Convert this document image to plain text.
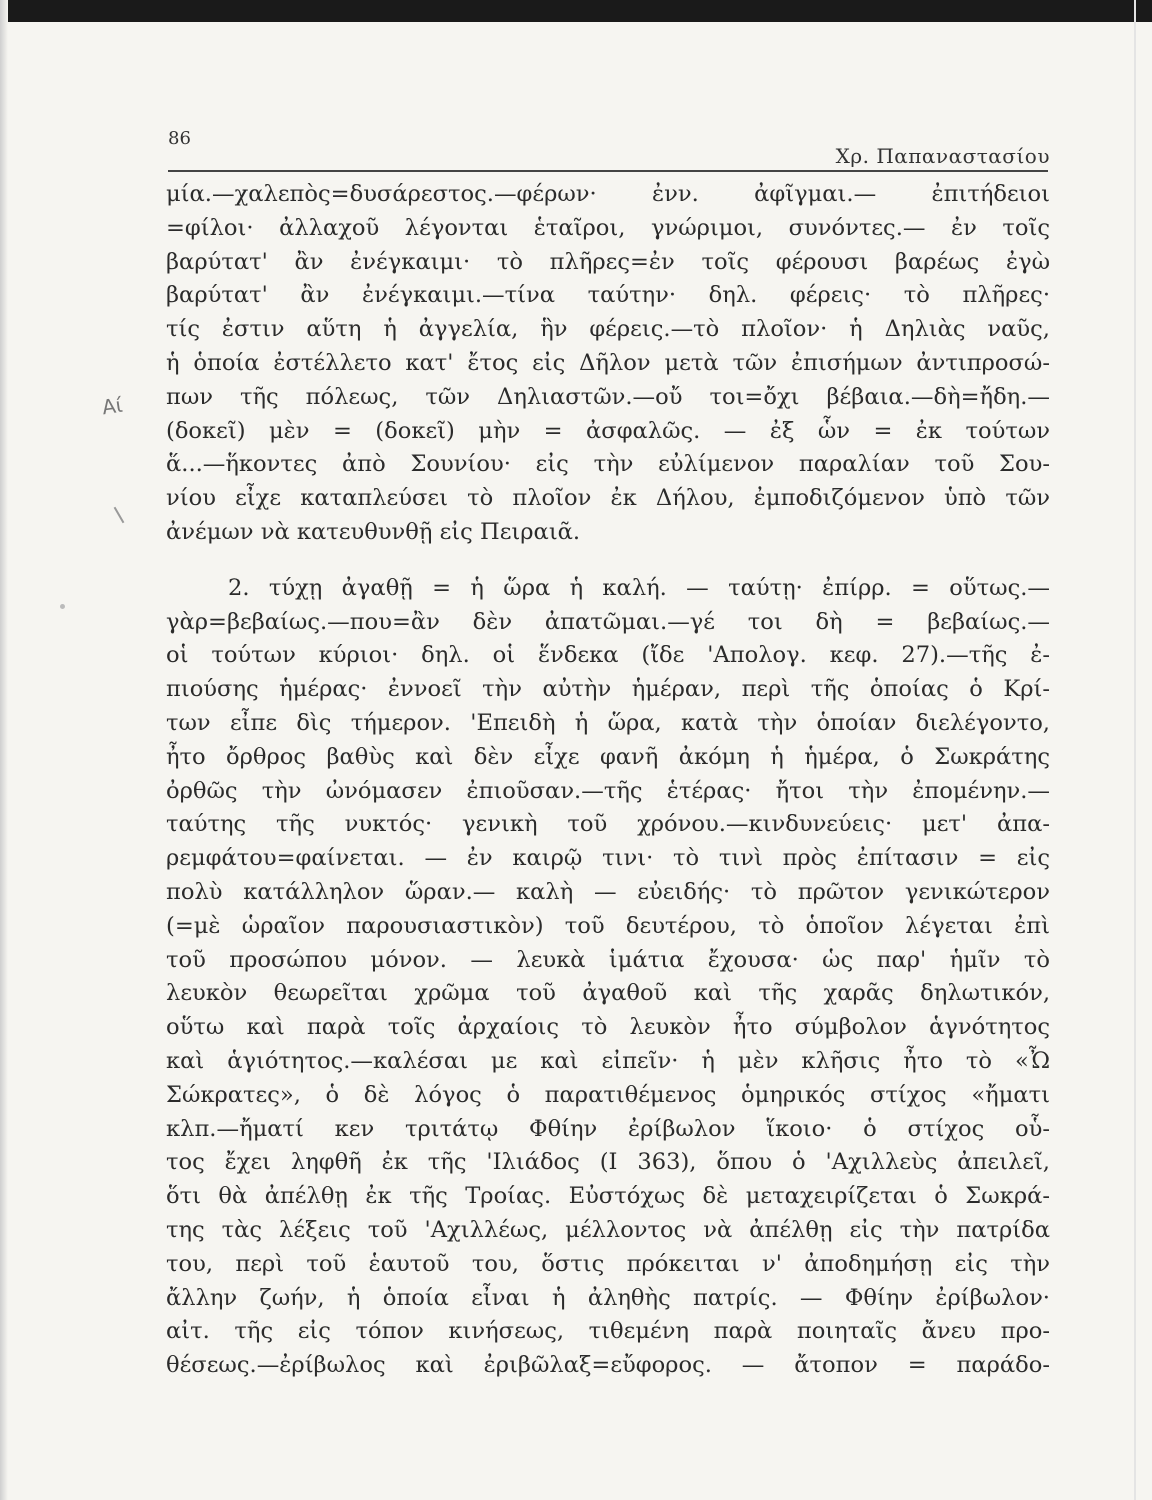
86
Χρ. Παπαναστασίου
Αί
μία.—χαλεπὸς=δυσάρεστος.—φέρων· ἐνν. ἀφῖγμαι.— ἐπιτήδειοι
=φίλοι· ἀλλαχοῦ λέγονται ἑταῖροι, γνώριμοι, συνόντες.— ἐν τοῖς
βαρύτατ' ἂν ἐνέγκαιμι· τὸ πλῆρες=ἐν τοῖς φέρουσι βαρέως ἐγὼ
βαρύτατ' ἂν ἐνέγκαιμι.—τίνα ταύτην· δηλ. φέρεις· τὸ πλῆρες·
τίς ἐστιν αὕτη ἡ ἀγγελία, ἣν φέρεις.—τὸ πλοῖον· ἡ Δηλιὰς ναῦς,
ἡ ὁποία ἐστέλλετο κατ' ἔτος εἰς Δῆλον μετὰ τῶν ἐπισήμων ἀντιπροσώ-
πων τῆς πόλεως, τῶν Δηλιαστῶν.—οὔ τοι=ὄχι βέβαια.—δὴ=ἤδη.—
(δοκεῖ) μὲν = (δοκεῖ) μὴν = ἀσφαλῶς. — ἐξ ὧν = ἐκ τούτων
ἅ...—ἥκοντες ἀπὸ Σουνίου· εἰς τὴν εὐλίμενον παραλίαν τοῦ Σου-
νίου εἶχε καταπλεύσει τὸ πλοῖον ἐκ Δήλου, ἐμποδιζόμενον ὑπὸ τῶν
ἀνέμων νὰ κατευθυνθῇ εἰς Πειραιᾶ.
2. τύχῃ ἀγαθῇ = ἡ ὥρα ἡ καλή. — ταύτῃ· ἐπίρρ. = οὕτως.—
γὰρ=βεβαίως.—που=ἂν δὲν ἀπατῶμαι.—γέ τοι δὴ = βεβαίως.—
οἱ τούτων κύριοι· δηλ. οἱ ἕνδεκα (ἴδε 'Απολογ. κεφ. 27).—τῆς ἐ-
πιούσης ἡμέρας· ἐννοεῖ τὴν αὐτὴν ἡμέραν, περὶ τῆς ὁποίας ὁ Κρί-
των εἶπε δὶς τήμερον. 'Επειδὴ ἡ ὥρα, κατὰ τὴν ὁποίαν διελέγοντο,
ἦτο ὄρθρος βαθὺς καὶ δὲν εἶχε φανῆ ἀκόμη ἡ ἡμέρα, ὁ Σωκράτης
ὀρθῶς τὴν ὠνόμασεν ἐπιοῦσαν.—τῆς ἑτέρας· ἤτοι τὴν ἐπομένην.—
ταύτης τῆς νυκτός· γενικὴ τοῦ χρόνου.—κινδυνεύεις· μετ' ἀπα-
ρεμφάτου=φαίνεται. — ἐν καιρῷ τινι· τὸ τινὶ πρὸς ἐπίτασιν = εἰς
πολὺ κατάλληλον ὥραν.— καλὴ — εὐειδής· τὸ πρῶτον γενικώτερον
(=μὲ ὡραῖον παρουσιαστικὸν) τοῦ δευτέρου, τὸ ὁποῖον λέγεται ἐπὶ
τοῦ προσώπου μόνον. — λευκὰ ἱμάτια ἔχουσα· ὡς παρ' ἡμῖν τὸ
λευκὸν θεωρεῖται χρῶμα τοῦ ἀγαθοῦ καὶ τῆς χαρᾶς δηλωτικόν,
οὕτω καὶ παρὰ τοῖς ἀρχαίοις τὸ λευκὸν ἦτο σύμβολον ἁγνότητος
καὶ ἁγιότητος.—καλέσαι με καὶ εἰπεῖν· ἡ μὲν κλῆσις ἦτο τὸ «Ὦ
Σώκρατες», ὁ δὲ λόγος ὁ παρατιθέμενος ὁμηρικός στίχος «ἤματι
κλπ.—ἤματί κεν τριτάτῳ Φθίην ἐρίβωλον ἵκοιο· ὁ στίχος οὗ-
τος ἔχει ληφθῆ ἐκ τῆς 'Ιλιάδος (Ι 363), ὅπου ὁ 'Αχιλλεὺς ἀπειλεῖ,
ὅτι θὰ ἀπέλθῃ ἐκ τῆς Τροίας. Εὐστόχως δὲ μεταχειρίζεται ὁ Σωκρά-
της τὰς λέξεις τοῦ 'Αχιλλέως, μέλλοντος νὰ ἀπέλθῃ εἰς τὴν πατρίδα
του, περὶ τοῦ ἑαυτοῦ του, ὅστις πρόκειται ν' ἀποδημήσῃ εἰς τὴν
ἄλλην ζωήν, ἡ ὁποία εἶναι ἡ ἀληθὴς πατρίς. — Φθίην ἐρίβωλον·
αἰτ. τῆς εἰς τόπον κινήσεως, τιθεμένη παρὰ ποιηταῖς ἄνευ προ-
θέσεως.—ἐρίβωλος καὶ ἐριβῶλαξ=εὔφορος. — ἄτοπον = παράδο-
